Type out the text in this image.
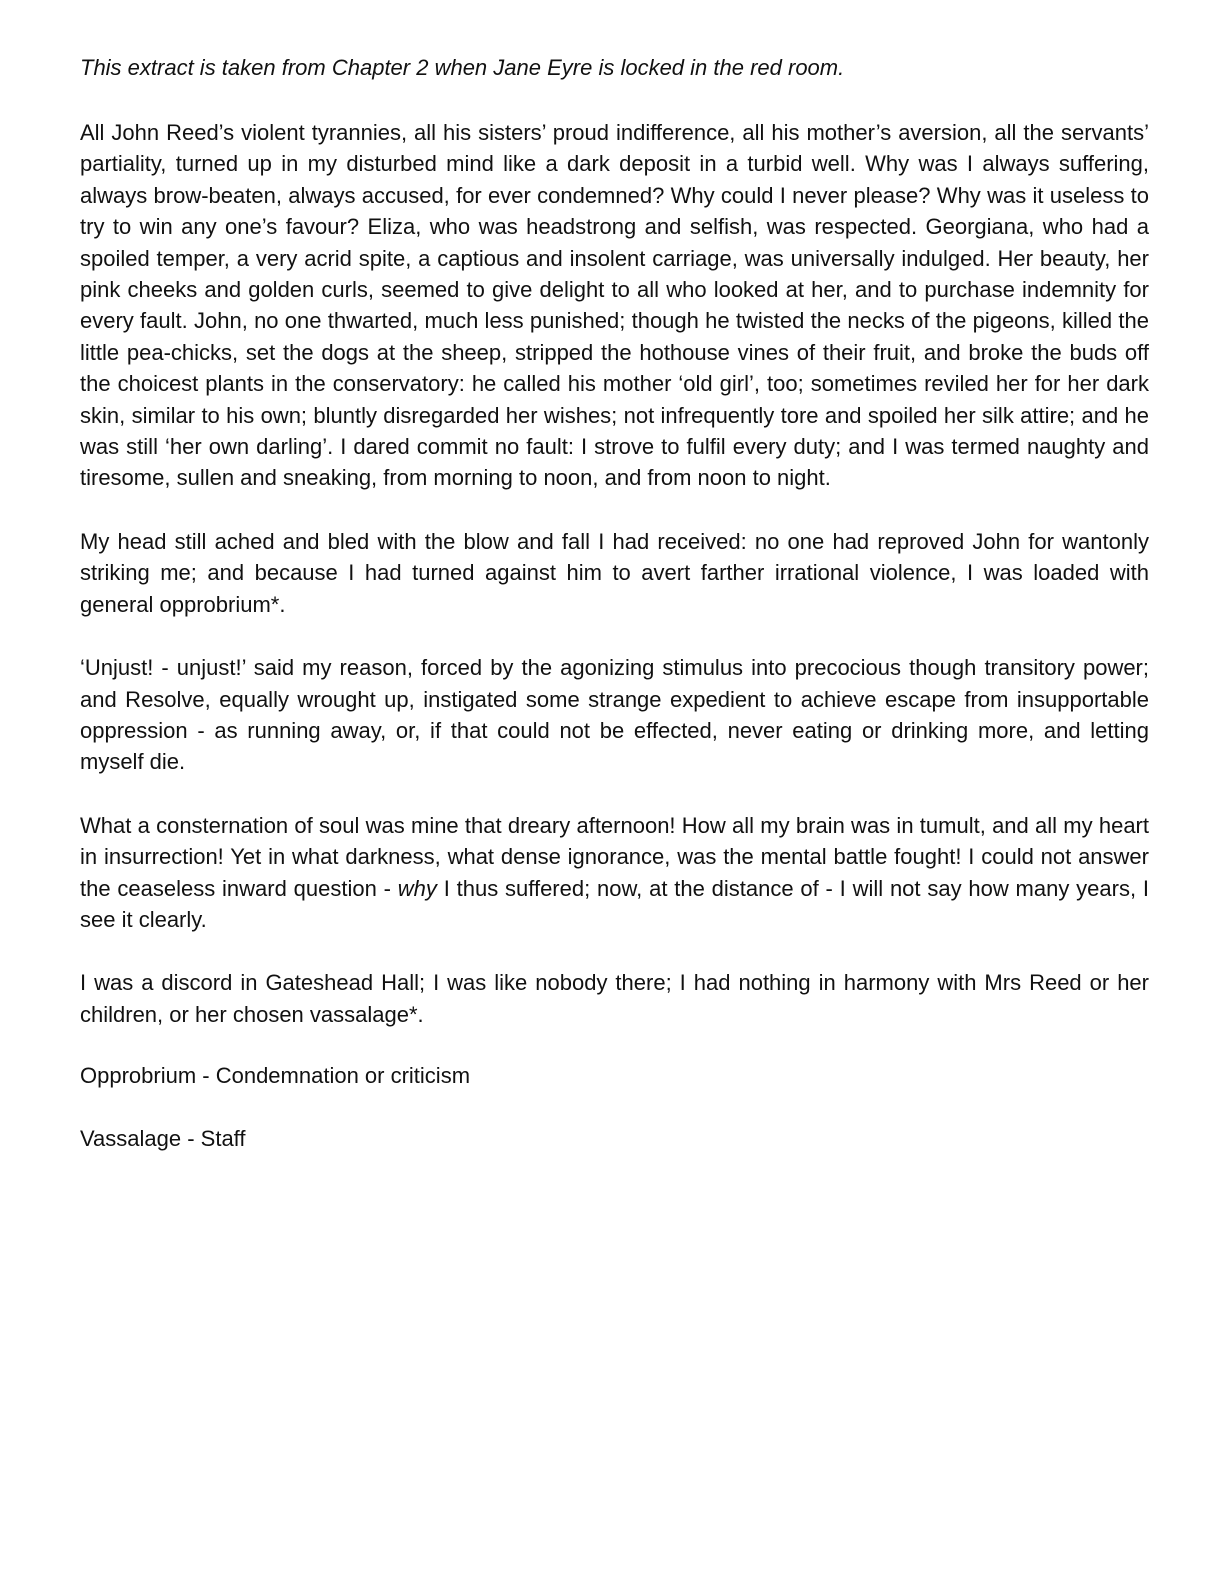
This extract is taken from Chapter 2 when Jane Eyre is locked in the red room.

All John Reed’s violent tyrannies, all his sisters’ proud indifference, all his mother’s aversion, all the servants’ partiality, turned up in my disturbed mind like a dark deposit in a turbid well. Why was I always suffering, always brow-beaten, always accused, for ever condemned? Why could I never please? Why was it useless to try to win any one’s favour? Eliza, who was headstrong and selfish, was respected. Georgiana, who had a spoiled temper, a very acrid spite, a captious and insolent carriage, was universally indulged. Her beauty, her pink cheeks and golden curls, seemed to give delight to all who looked at her, and to purchase indemnity for every fault. John, no one thwarted, much less punished; though he twisted the necks of the pigeons, killed the little pea-chicks, set the dogs at the sheep, stripped the hothouse vines of their fruit, and broke the buds off the choicest plants in the conservatory: he called his mother ‘old girl’, too; sometimes reviled her for her dark skin, similar to his own; bluntly disregarded her wishes; not infrequently tore and spoiled her silk attire; and he was still ‘her own darling’. I dared commit no fault: I strove to fulfil every duty; and I was termed naughty and tiresome, sullen and sneaking, from morning to noon, and from noon to night.

My head still ached and bled with the blow and fall I had received: no one had reproved John for wantonly striking me; and because I had turned against him to avert farther irrational violence, I was loaded with general opprobrium*.

‘Unjust! - unjust!’ said my reason, forced by the agonizing stimulus into precocious though transitory power; and Resolve, equally wrought up, instigated some strange expedient to achieve escape from insupportable oppression - as running away, or, if that could not be effected, never eating or drinking more, and letting myself die.

What a consternation of soul was mine that dreary afternoon! How all my brain was in tumult, and all my heart in insurrection! Yet in what darkness, what dense ignorance, was the mental battle fought! I could not answer the ceaseless inward question - why I thus suffered; now, at the distance of - I will not say how many years, I see it clearly.

I was a discord in Gateshead Hall; I was like nobody there; I had nothing in harmony with Mrs Reed or her children, or her chosen vassalage*.

Opprobrium - Condemnation or criticism

Vassalage - Staff
